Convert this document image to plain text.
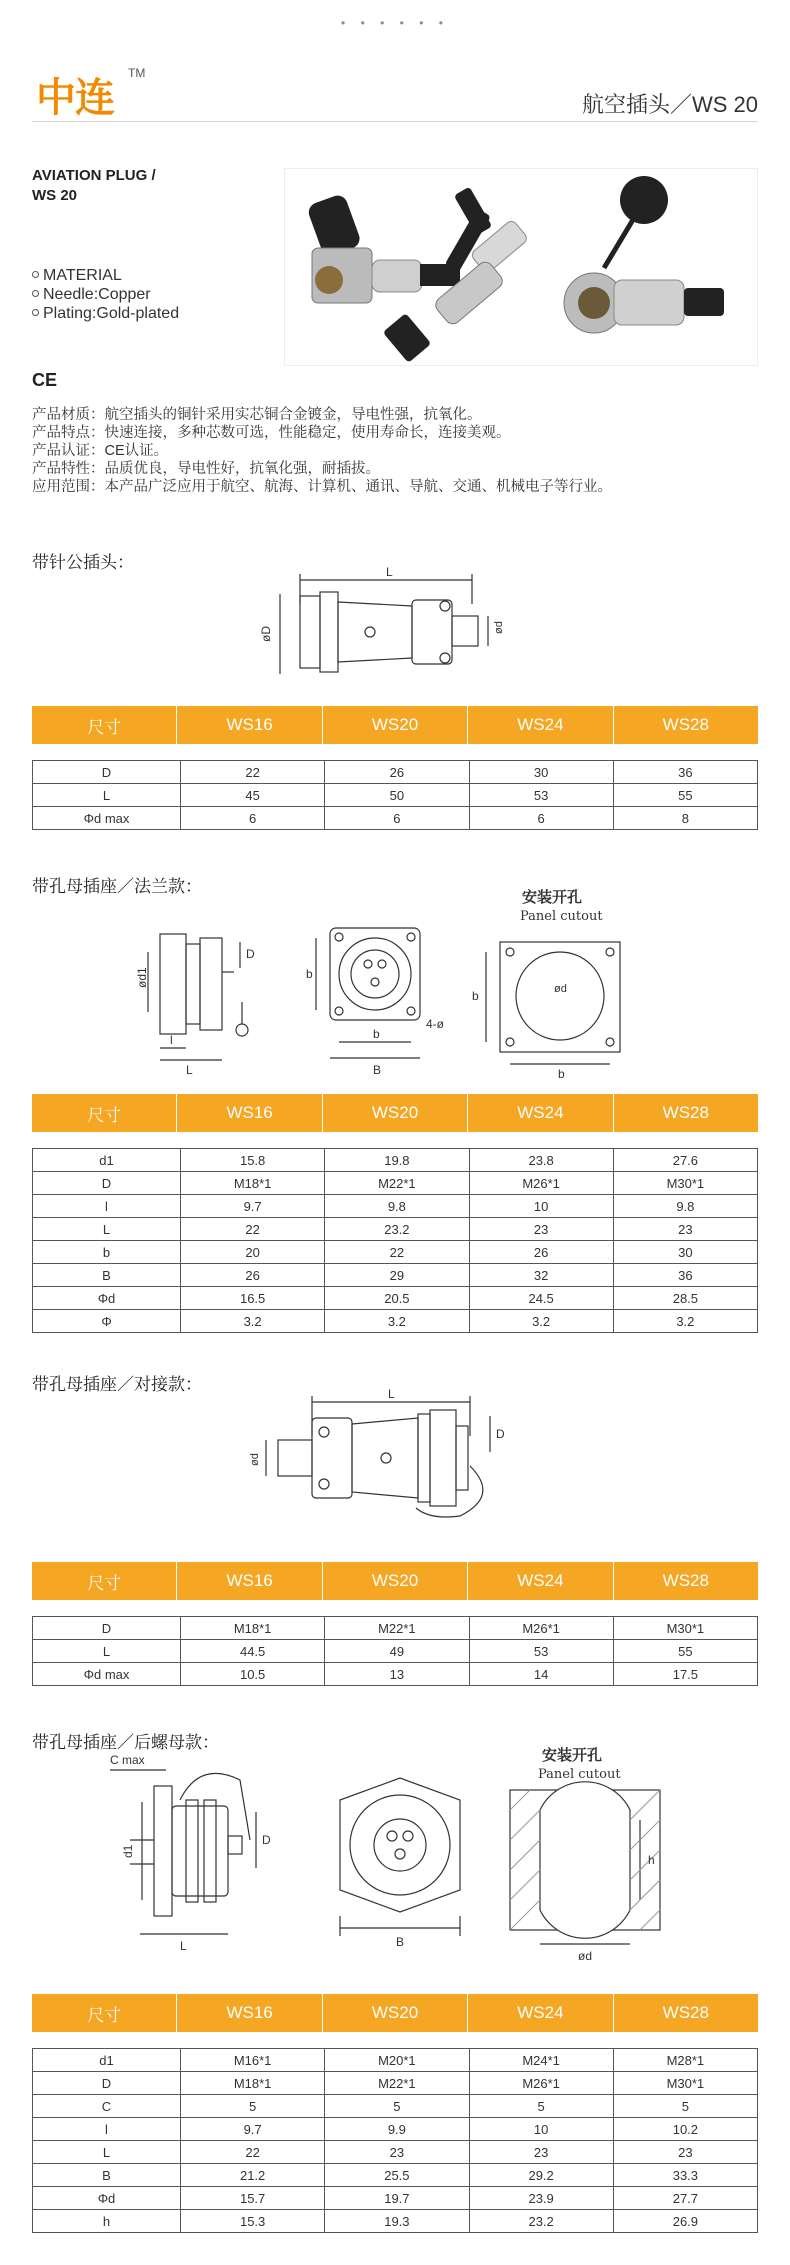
• • • • • •
中连
TM
航空插头／WS 20
AVIATION PLUG /
WS 20
MATERIAL
Needle:Copper
Plating:Gold-plated
CE
产品材质：航空插头的铜针采用实芯铜合金镀金，导电性强，抗氧化。
产品特点：快速连接，多种芯数可选，性能稳定，使用寿命长，连接美观。
产品认证：CE认证。
产品特性：品质优良，导电性好，抗氧化强，耐插拔。
应用范围：本产品广泛应用于航空、航海、计算机、通讯、导航、交通、机械电子等行业。
带针公插头：	L
øD	ød
尺寸	WS16	WS20	WS24	WS28
D	22	26	30	36
L	45	50	53	55
Φd max	6	6	6	8
带孔母插座／法兰款：
ød1
D
l
L
b
b
B
4-ø
安装开孔
Panel cutout
ød
b
b
尺寸	WS16	WS20	WS24	WS28
d1	15.8	19.8	23.8	27.6
D	M18*1	M22*1	M26*1	M30*1
l	9.7	9.8	10	9.8
L	22	23.2	23	23
b	20	22	26	30
B	26	29	32	36
Φd	16.5	20.5	24.5	28.5
Φ	3.2	3.2	3.2	3.2
带孔母插座／对接款：	L
D
ød
尺寸	WS16	WS20	WS24	WS28
D	M18*1	M22*1	M26*1	M30*1
L	44.5	49	53	55
Φd max	10.5	13	14	17.5
带孔母插座／后螺母款：
C max
d1
D
L	B
安装开孔
Panel cutout
h
ød
尺寸	WS16	WS20	WS24	WS28
d1	M16*1	M20*1	M24*1	M28*1
D	M18*1	M22*1	M26*1	M30*1
C	5	5	5	5
l	9.7	9.9	10	10.2
L	22	23	23	23
B	21.2	25.5	29.2	33.3
Φd	15.7	19.7	23.9	27.7
h	15.3	19.3	23.2	26.9
